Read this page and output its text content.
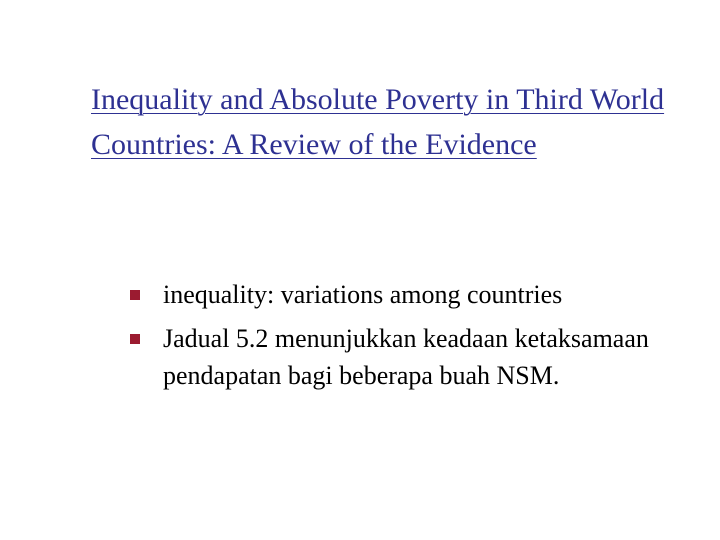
Inequality and Absolute Poverty in Third World Countries: A Review of the Evidence
inequality: variations among countries
Jadual 5.2 menunjukkan keadaan ketaksamaan pendapatan bagi beberapa buah NSM.
